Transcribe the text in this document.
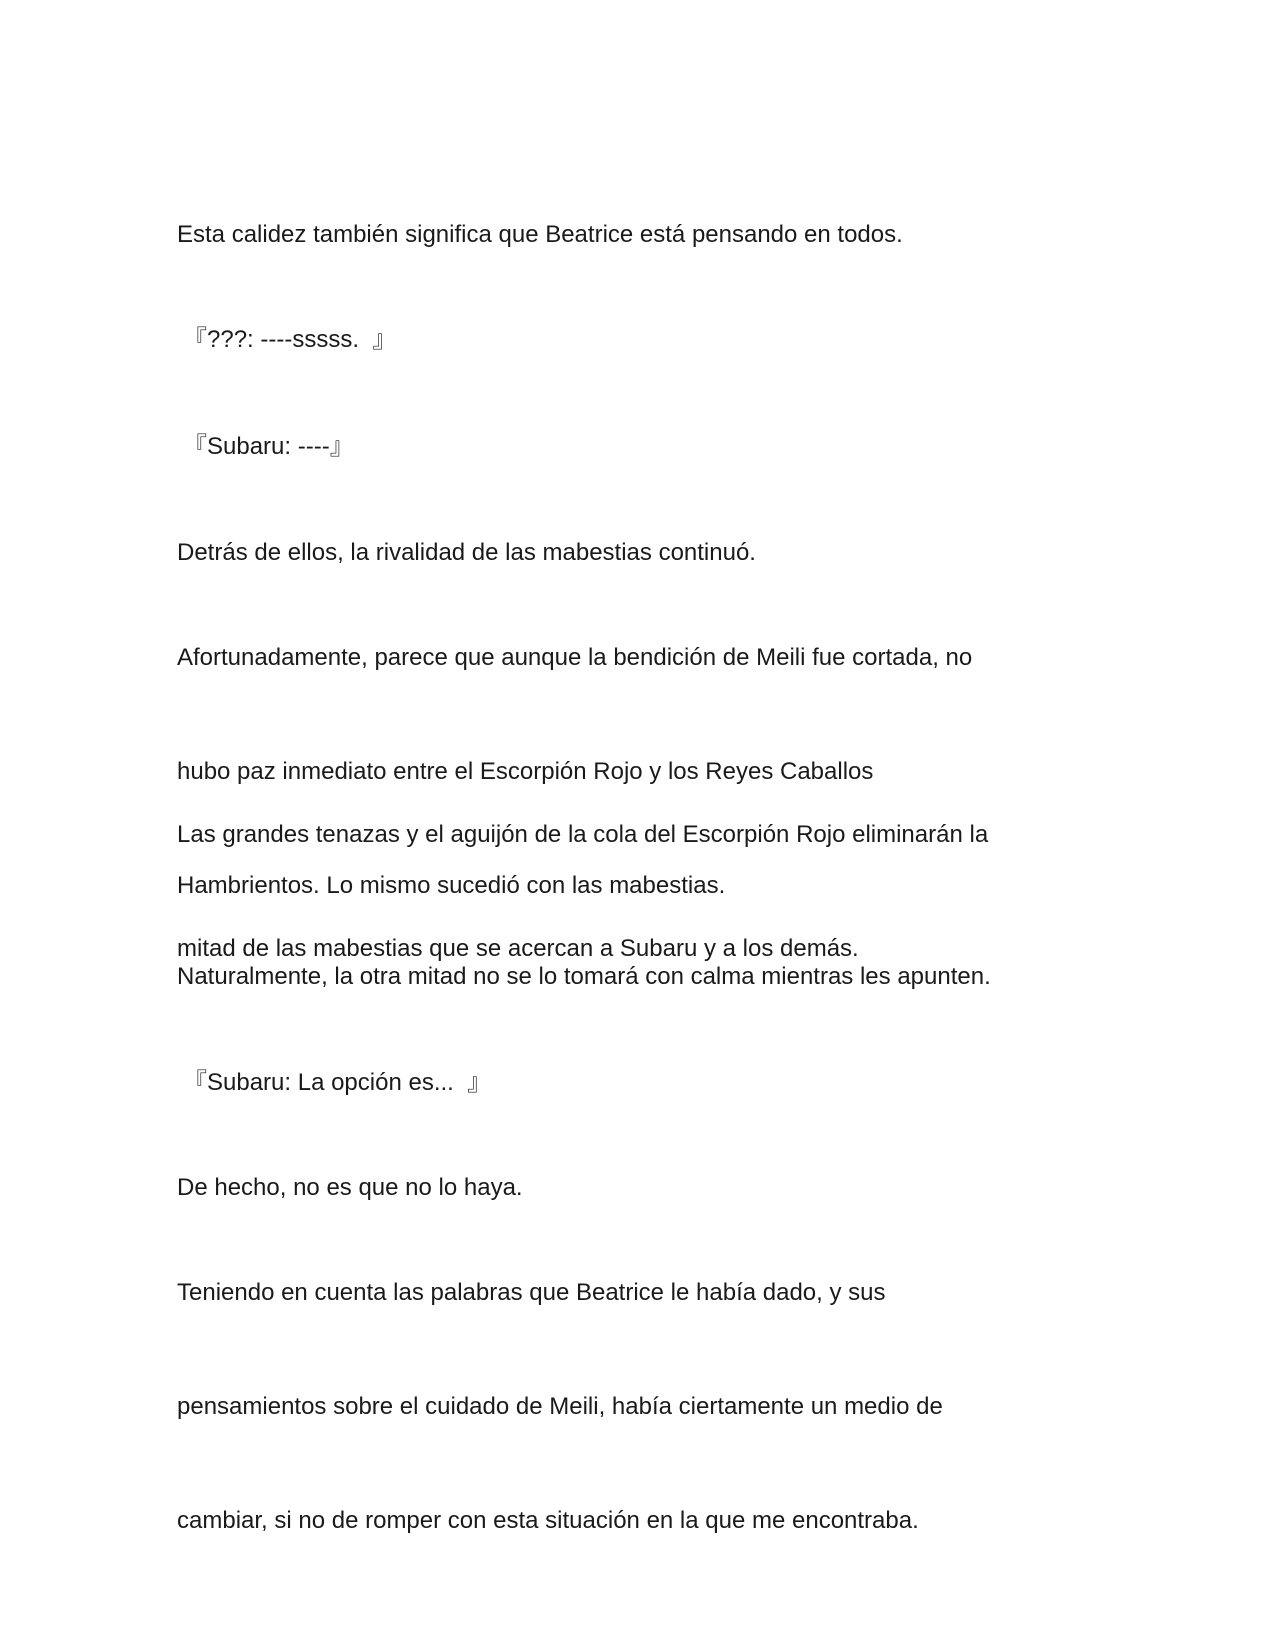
Esta calidez también significa que Beatrice está pensando en todos.

『???: ----sssss.  』

『Subaru: ----』

Detrás de ellos, la rivalidad de las mabestias continuó.

Afortunadamente, parece que aunque la bendición de Meili fue cortada, no

hubo paz inmediato entre el Escorpión Rojo y los Reyes Caballos

Hambrientos. Lo mismo sucedió con las mabestias.

Las grandes tenazas y el aguijón de la cola del Escorpión Rojo eliminarán la

mitad de las mabestias que se acercan a Subaru y a los demás.

Naturalmente, la otra mitad no se lo tomará con calma mientras les apunten.

『Subaru: La opción es...  』

De hecho, no es que no lo haya.

Teniendo en cuenta las palabras que Beatrice le había dado, y sus

pensamientos sobre el cuidado de Meili, había ciertamente un medio de

cambiar, si no de romper con esta situación en la que me encontraba.
